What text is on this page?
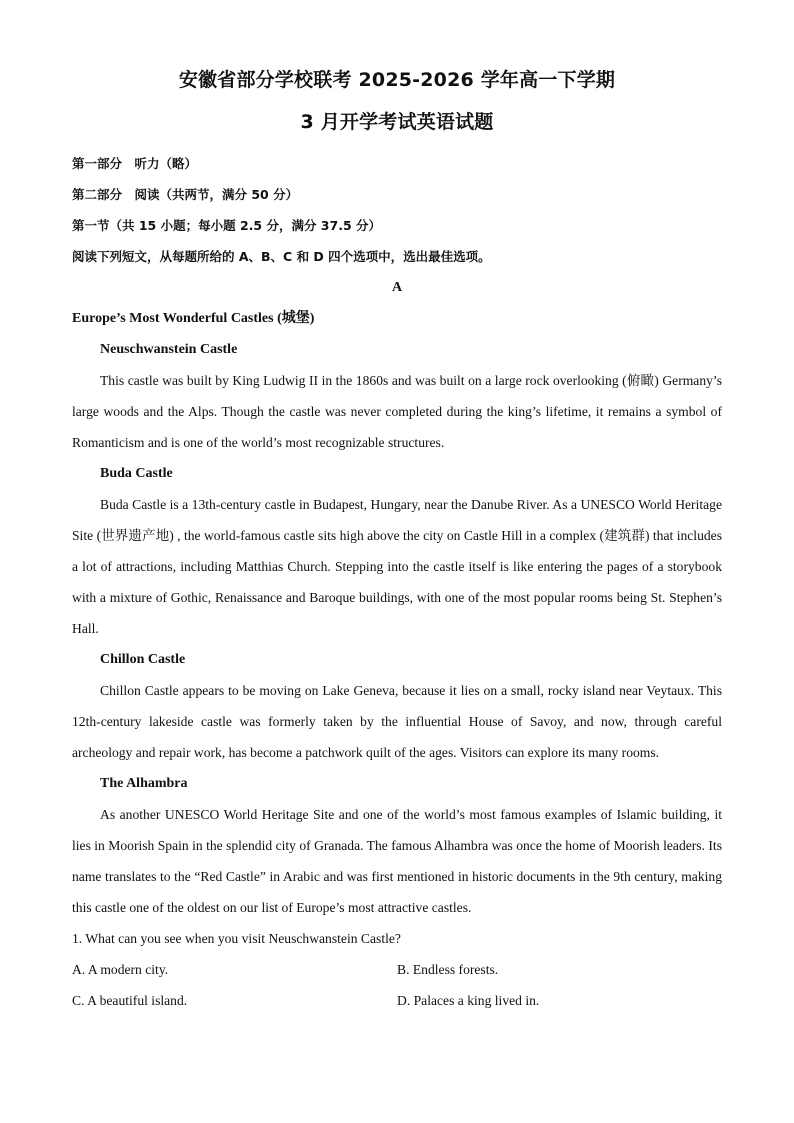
安徽省部分学校联考 2025-2026 学年高一下学期
3 月开学考试英语试题

第一部分　听力（略）

第二部分　阅读（共两节，满分 50 分）

第一节（共 15 小题；每小题 2.5 分，满分 37.5 分）

阅读下列短文，从每题所给的 A、B、C 和 D 四个选项中，选出最佳选项。

A

Europe’s Most Wonderful Castles (城堡)

Neuschwanstein Castle

This castle was built by King Ludwig II in the 1860s and was built on a large rock overlooking (俯瞰) Germany’s large woods and the Alps. Though the castle was never completed during the king’s lifetime, it remains a symbol of Romanticism and is one of the world’s most recognizable structures.

Buda Castle

Buda Castle is a 13th-century castle in Budapest, Hungary, near the Danube River. As a UNESCO World Heritage Site (世界遗产地) , the world-famous castle sits high above the city on Castle Hill in a complex (建筑群) that includes a lot of attractions, including Matthias Church. Stepping into the castle itself is like entering the pages of a storybook with a mixture of Gothic, Renaissance and Baroque buildings, with one of the most popular rooms being St. Stephen’s Hall.

Chillon Castle

Chillon Castle appears to be moving on Lake Geneva, because it lies on a small, rocky island near Veytaux. This 12th-century lakeside castle was formerly taken by the influential House of Savoy, and now, through careful archeology and repair work, has become a patchwork quilt of the ages. Visitors can explore its many rooms.

The Alhambra

As another UNESCO World Heritage Site and one of the world’s most famous examples of Islamic building, it lies in Moorish Spain in the splendid city of Granada. The famous Alhambra was once the home of Moorish leaders. Its name translates to the “Red Castle” in Arabic and was first mentioned in historic documents in the 9th century, making this castle one of the oldest on our list of Europe’s most attractive castles.

1. What can you see when you visit Neuschwanstein Castle?

A. A modern city.	B. Endless forests.

C. A beautiful island.	D. Palaces a king lived in.
